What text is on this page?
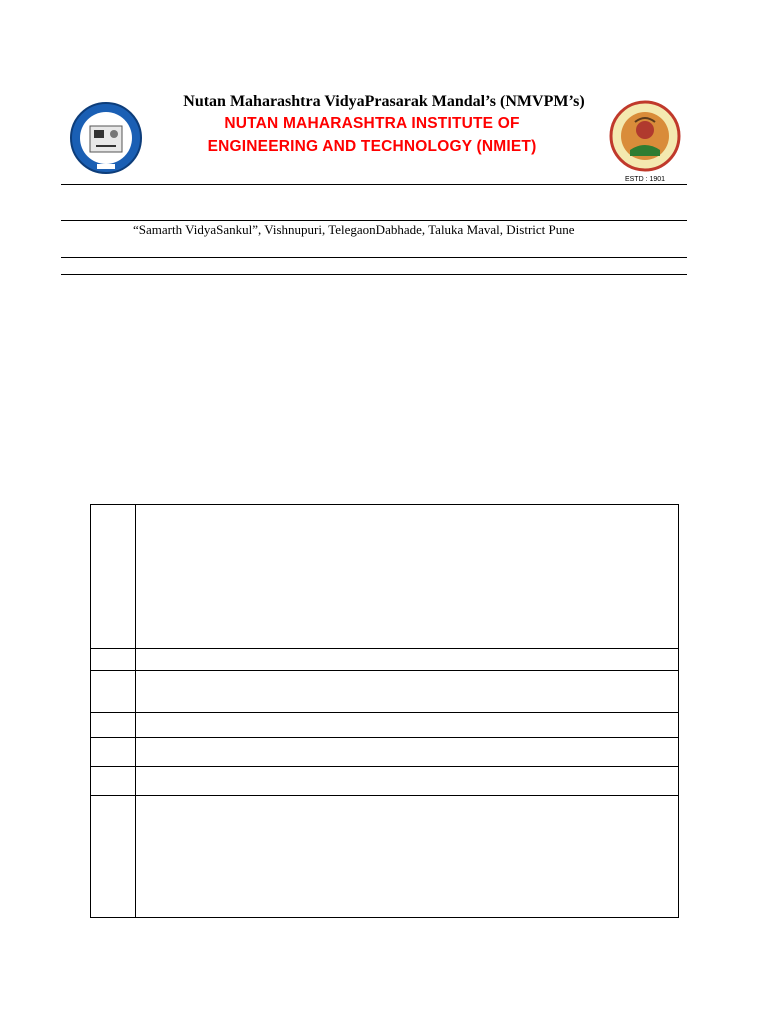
Nutan Maharashtra VidyaPrasarak Mandal’s (NMVPM’s)
NUTAN MAHARASHTRA INSTITUTE OF
ENGINEERING AND TECHNOLOGY (NMIET)
ESTD : 1901
“Samarth VidyaSankul”, Vishnupuri, TelegaonDabhade, Taluka Maval, District Pune
